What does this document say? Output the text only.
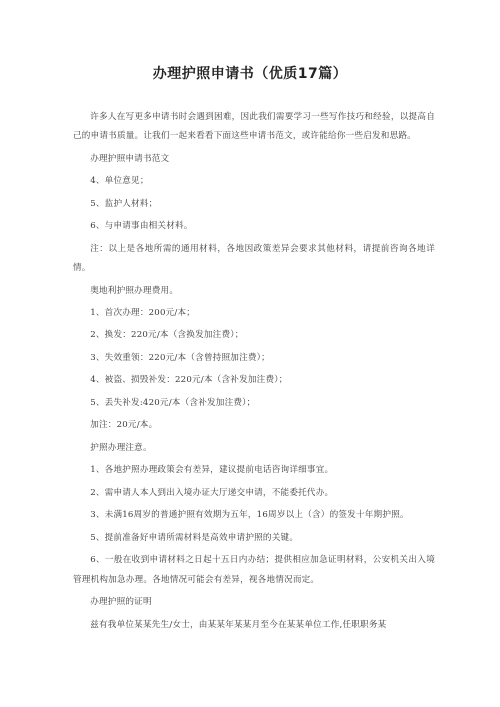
办理护照申请书（优质17篇）

许多人在写更多申请书时会遇到困难，因此我们需要学习一些写作技巧和经验，以提高自己的申请书质量。让我们一起来看看下面这些申请书范文，或许能给你一些启发和思路。

办理护照申请书范文

4、单位意见；

5、监护人材料；

6、与申请事由相关材料。

注：以上是各地所需的通用材料，各地因政策差异会要求其他材料，请提前咨询各地详情。

奥地利护照办理费用。

1、首次办理：200元/本；

2、换发：220元/本（含换发加注费）；

3、失效重领：220元/本（含曾持照加注费）；

4、被盗、损毁补发：220元/本（含补发加注费）；

5、丢失补发:420元/本（含补发加注费）；

加注：20元/本。

护照办理注意。

1、各地护照办理政策会有差异，建议提前电话咨询详细事宜。

2、需申请人本人到出入境办证大厅递交申请，不能委托代办。

3、未满16周岁的普通护照有效期为五年，16周岁以上（含）的签发十年期护照。

5、提前准备好申请所需材料是高效申请护照的关键。

6、一般在收到申请材料之日起十五日内办结；提供相应加急证明材料，公安机关出入境管理机构加急办理。各地情况可能会有差异，视各地情况而定。

办理护照的证明

兹有我单位某某先生/女士，由某某年某某月至今在某某单位工作,任职职务某
